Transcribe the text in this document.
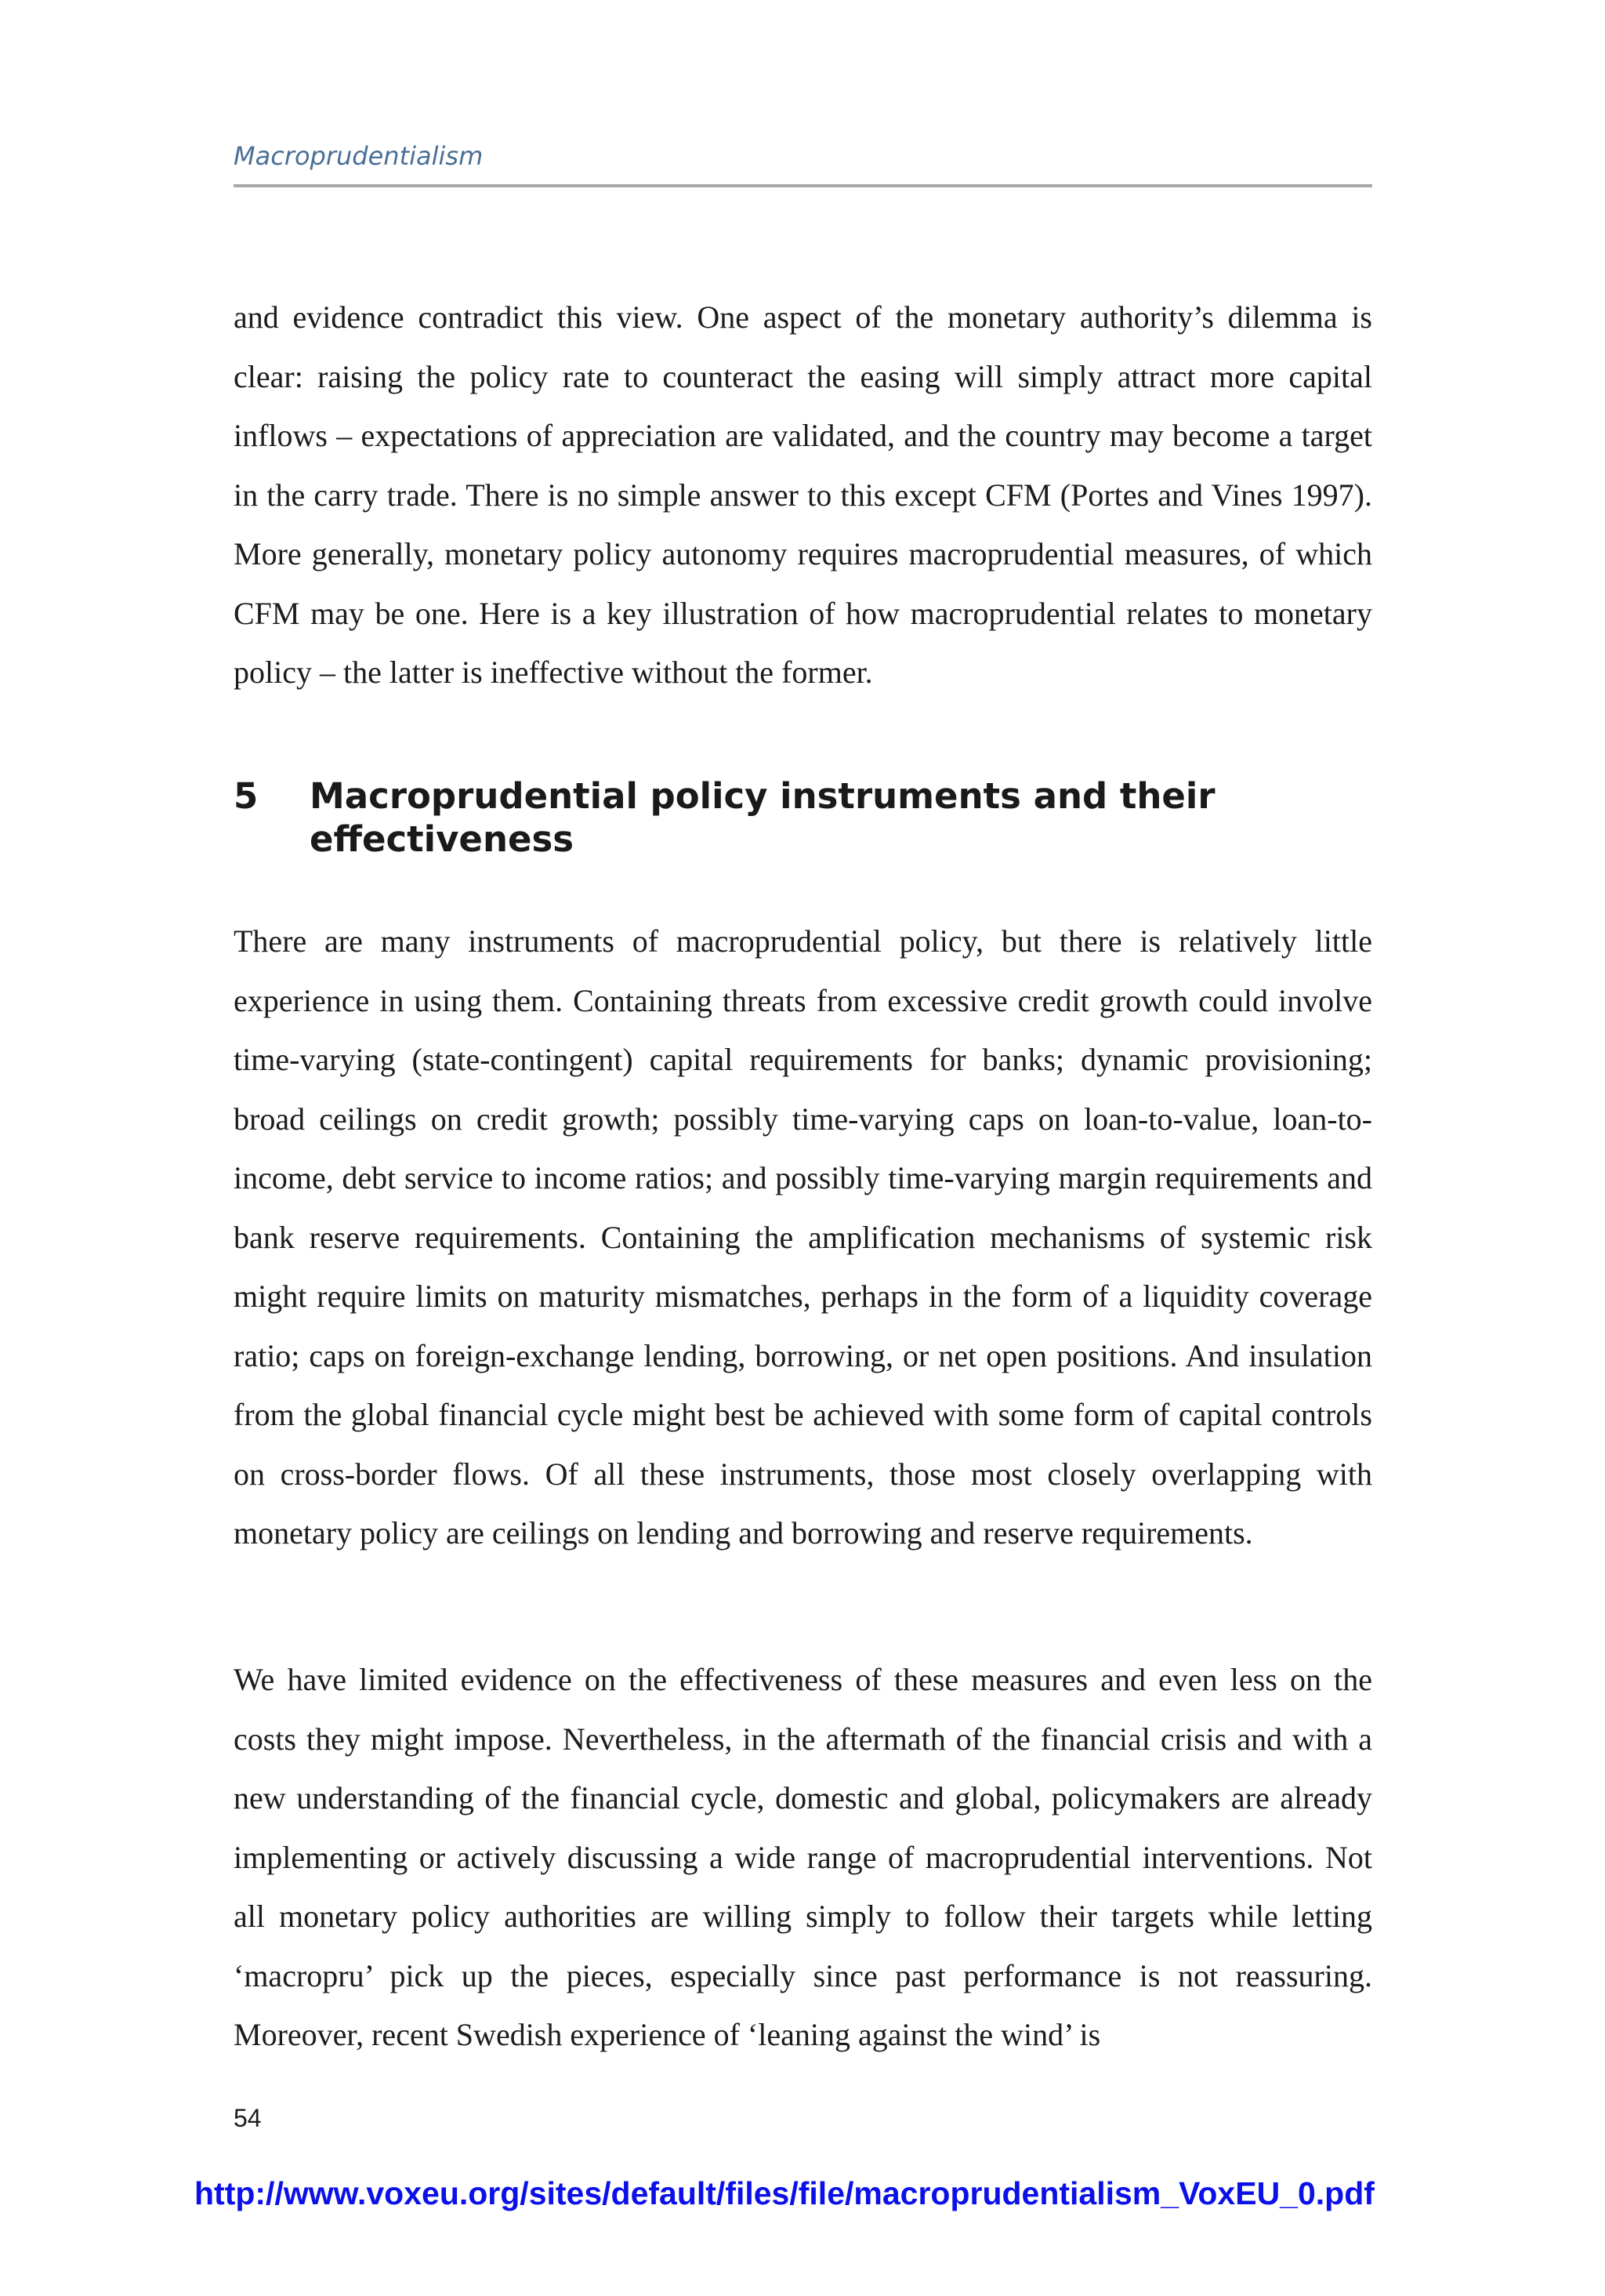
Macroprudentialism

and evidence contradict this view. One aspect of the monetary authority’s dilemma is clear: raising the policy rate to counteract the easing will simply attract more capital inflows – expectations of appreciation are validated, and the country may become a target in the carry trade. There is no simple answer to this except CFM (Portes and Vines 1997). More generally, monetary policy autonomy requires macroprudential measures, of which CFM may be one. Here is a key illustration of how macroprudential relates to monetary policy – the latter is ineffective without the former.

5	Macroprudential policy instruments and their effectiveness

There are many instruments of macroprudential policy, but there is relatively little experience in using them. Containing threats from excessive credit growth could involve time-varying (state-contingent) capital requirements for banks; dynamic provisioning; broad ceilings on credit growth; possibly time-varying caps on loan-to-value, loan-to-income, debt service to income ratios; and possibly time-varying margin requirements and bank reserve requirements. Containing the amplification mechanisms of systemic risk might require limits on maturity mismatches, perhaps in the form of a liquidity coverage ratio; caps on foreign-exchange lending, borrowing, or net open positions. And insulation from the global financial cycle might best be achieved with some form of capital controls on cross-border flows. Of all these instruments, those most closely overlapping with monetary policy are ceilings on lending and borrowing and reserve requirements.

We have limited evidence on the effectiveness of these measures and even less on the costs they might impose. Nevertheless, in the aftermath of the financial crisis and with a new understanding of the financial cycle, domestic and global, policymakers are already implementing or actively discussing a wide range of macroprudential interventions. Not all monetary policy authorities are willing simply to follow their targets while letting ‘macropru’ pick up the pieces, especially since past performance is not reassuring. Moreover, recent Swedish experience of ‘leaning against the wind’ is

54
http://www.voxeu.org/sites/default/files/file/macroprudentialism_VoxEU_0.pdf
